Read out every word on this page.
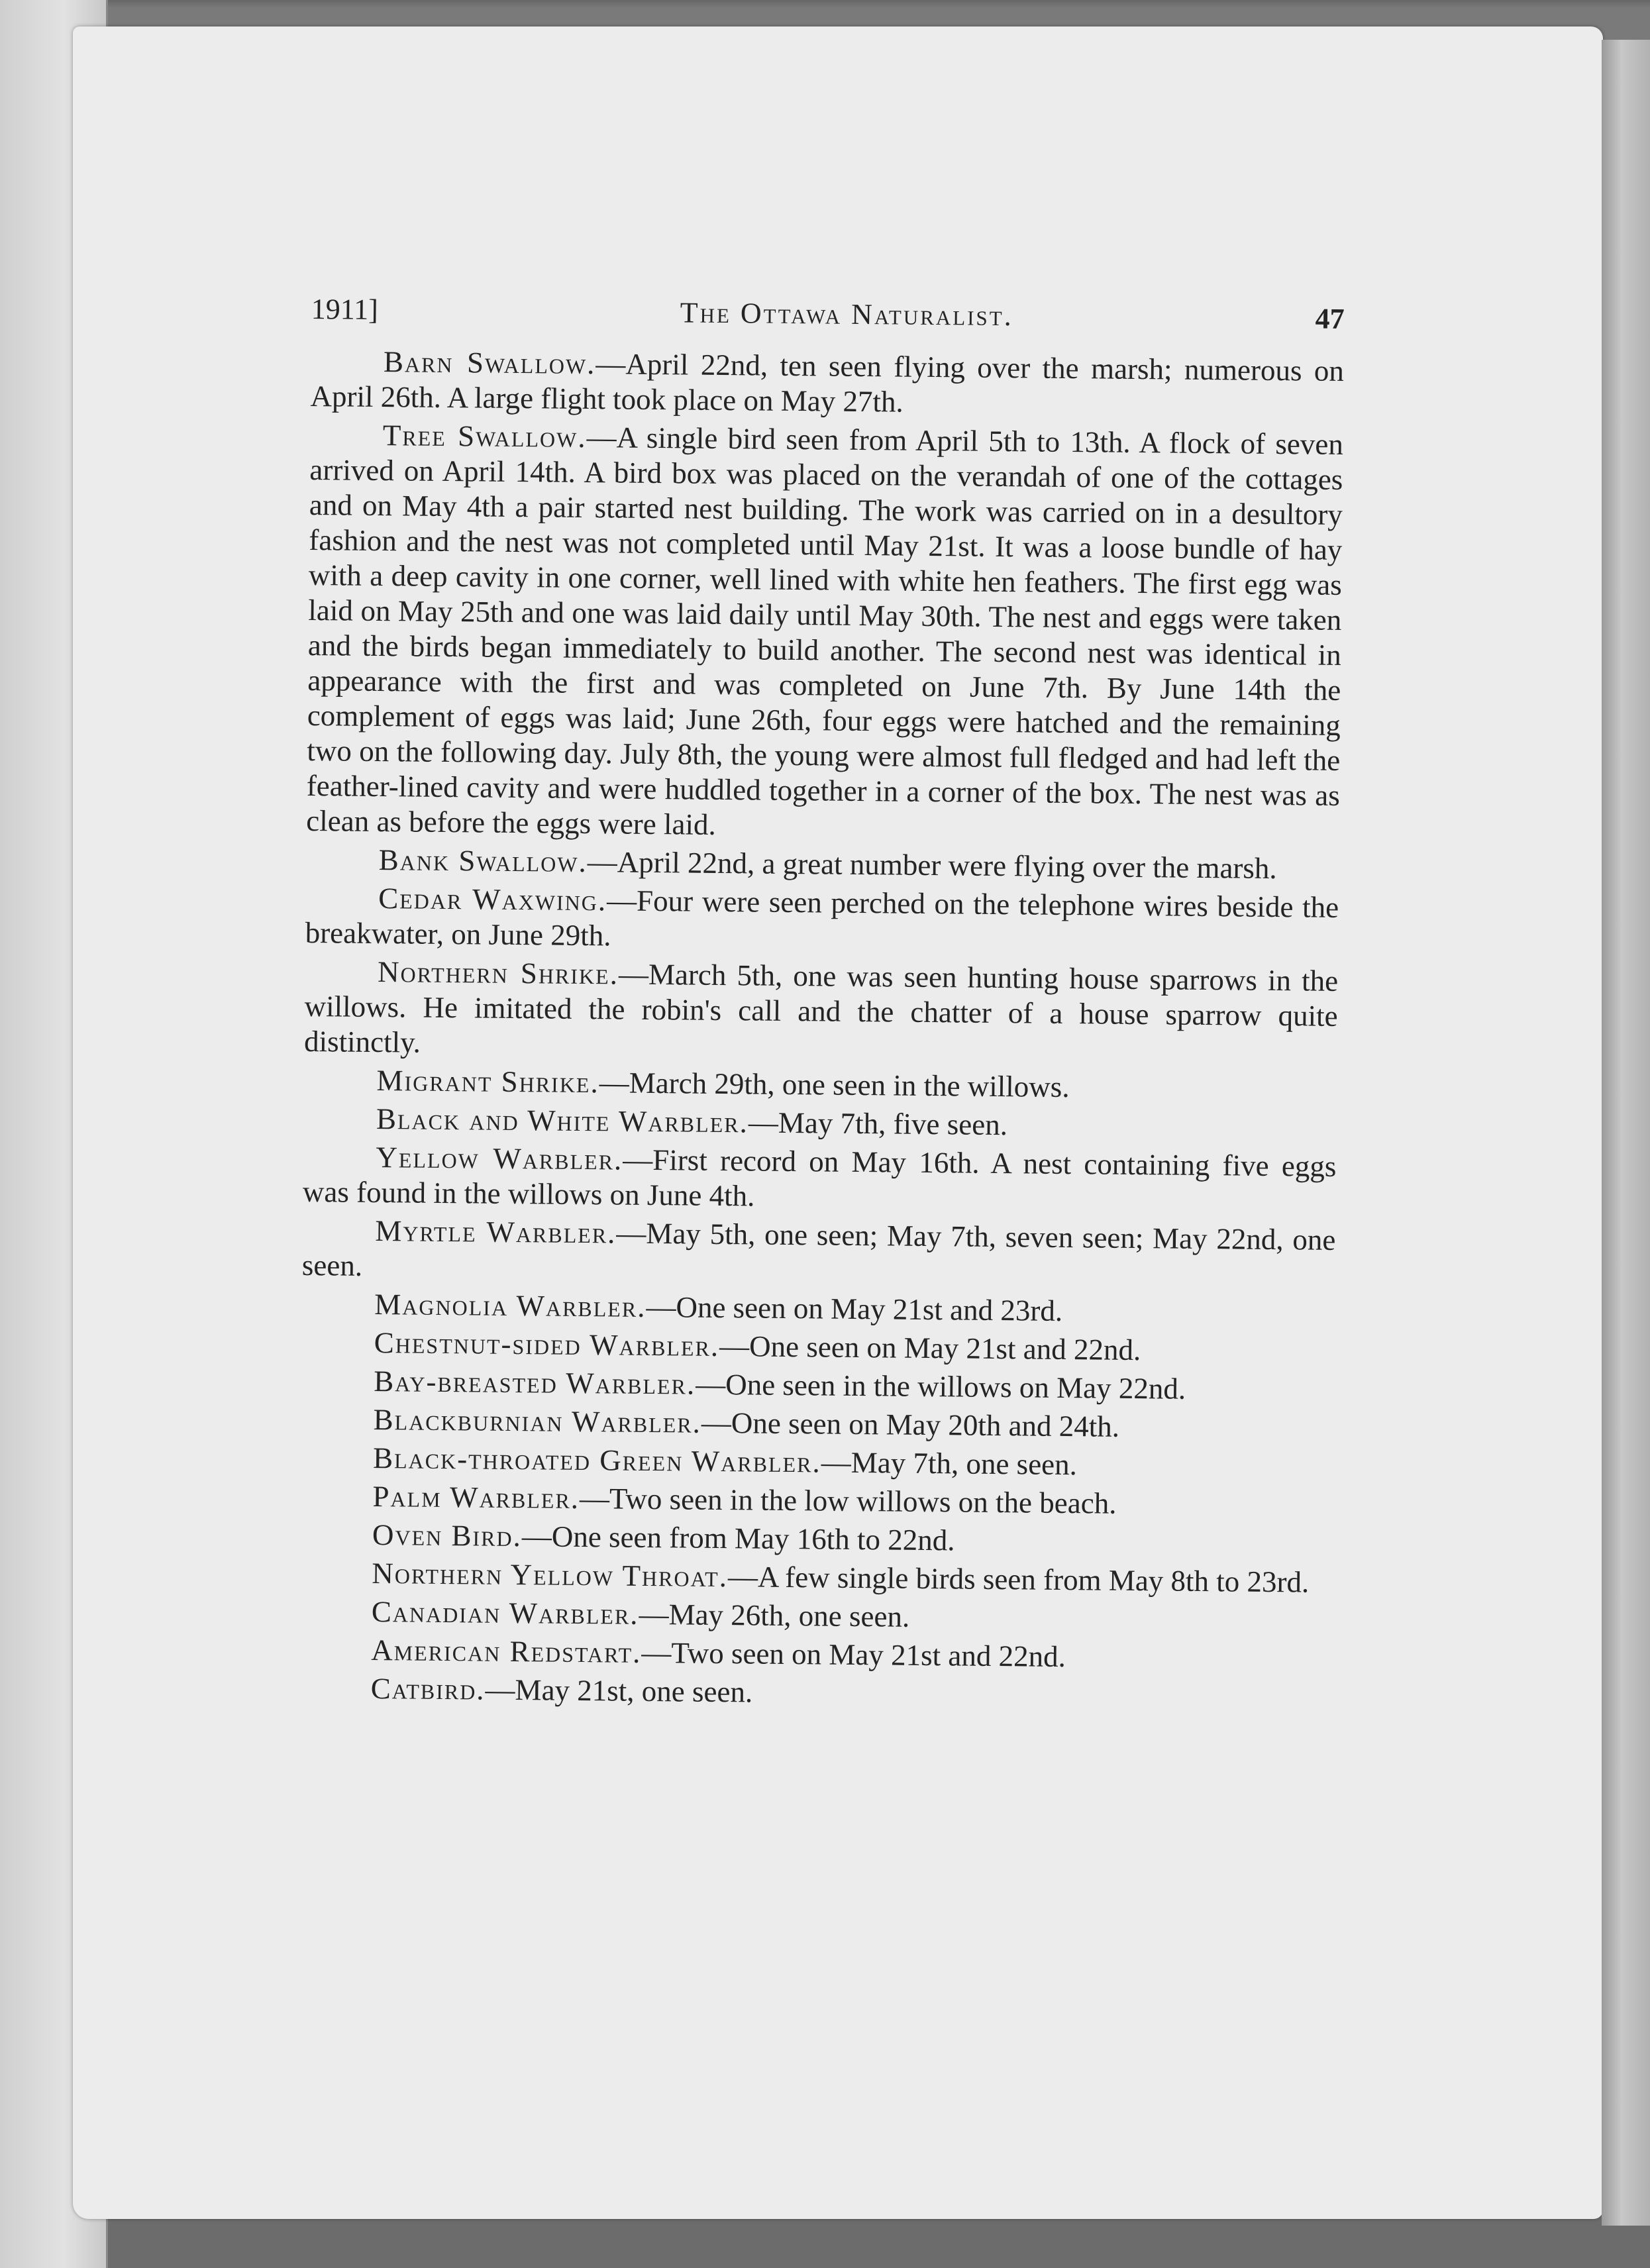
1911]	The Ottawa Naturalist.	47

Barn Swallow.—April 22nd, ten seen flying over the marsh; numerous on April 26th. A large flight took place on May 27th.

Tree Swallow.—A single bird seen from April 5th to 13th. A flock of seven arrived on April 14th. A bird box was placed on the verandah of one of the cottages and on May 4th a pair started nest building. The work was carried on in a desultory fashion and the nest was not completed until May 21st. It was a loose bundle of hay with a deep cavity in one corner, well lined with white hen feathers. The first egg was laid on May 25th and one was laid daily until May 30th. The nest and eggs were taken and the birds began immediately to build another. The second nest was identical in appearance with the first and was completed on June 7th. By June 14th the complement of eggs was laid; June 26th, four eggs were hatched and the remaining two on the following day. July 8th, the young were almost full fledged and had left the feather-lined cavity and were huddled together in a corner of the box. The nest was as clean as before the eggs were laid.

Bank Swallow.—April 22nd, a great number were flying over the marsh.

Cedar Waxwing.—Four were seen perched on the telephone wires beside the breakwater, on June 29th.

Northern Shrike.—March 5th, one was seen hunting house sparrows in the willows. He imitated the robin's call and the chatter of a house sparrow quite distinctly.

Migrant Shrike.—March 29th, one seen in the willows.

Black and White Warbler.—May 7th, five seen.

Yellow Warbler.—First record on May 16th. A nest containing five eggs was found in the willows on June 4th.

Myrtle Warbler.—May 5th, one seen; May 7th, seven seen; May 22nd, one seen.

Magnolia Warbler.—One seen on May 21st and 23rd.

Chestnut-sided Warbler.—One seen on May 21st and 22nd.

Bay-breasted Warbler.—One seen in the willows on May 22nd.

Blackburnian Warbler.—One seen on May 20th and 24th.

Black-throated Green Warbler.—May 7th, one seen.

Palm Warbler.—Two seen in the low willows on the beach.

Oven Bird.—One seen from May 16th to 22nd.

Northern Yellow Throat.—A few single birds seen from May 8th to 23rd.

Canadian Warbler.—May 26th, one seen.

American Redstart.—Two seen on May 21st and 22nd.

Catbird.—May 21st, one seen.
